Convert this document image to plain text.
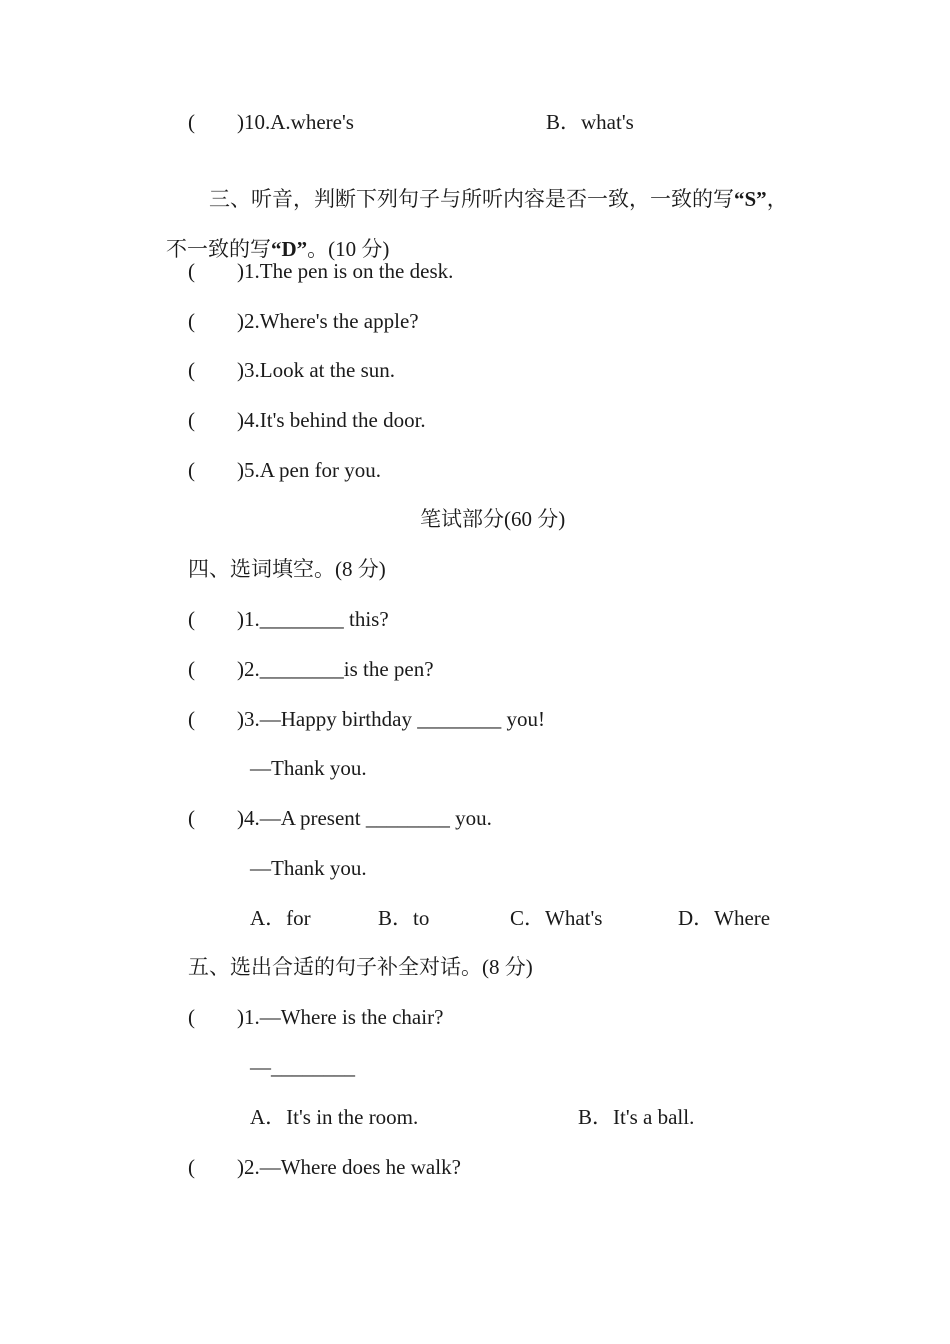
(        )10.A.where's	B．what's

三、听音，判断下列句子与所听内容是否一致，一致的写“S”，

不一致的写“D”。(10 分)

(        )1.The pen is on the desk.
(        )2.Where's the apple?
(        )3.Look at the sun.
(        )4.It's behind the door.
(        )5.A pen for you.
笔试部分(60 分)
四、选词填空。(8 分)
(        )1.________ this?
(        )2.________is the pen?
(        )3.—Happy birthday ________ you!
—Thank you.
(        )4.—A present ________ you.
—Thank you.
A．for	B．to	C．What's	D．Where
五、选出合适的句子补全对话。(8 分)
(        )1.—Where is the chair?
—________
A．It's in the room.	B．It's a ball.
(        )2.—Where does he walk?
